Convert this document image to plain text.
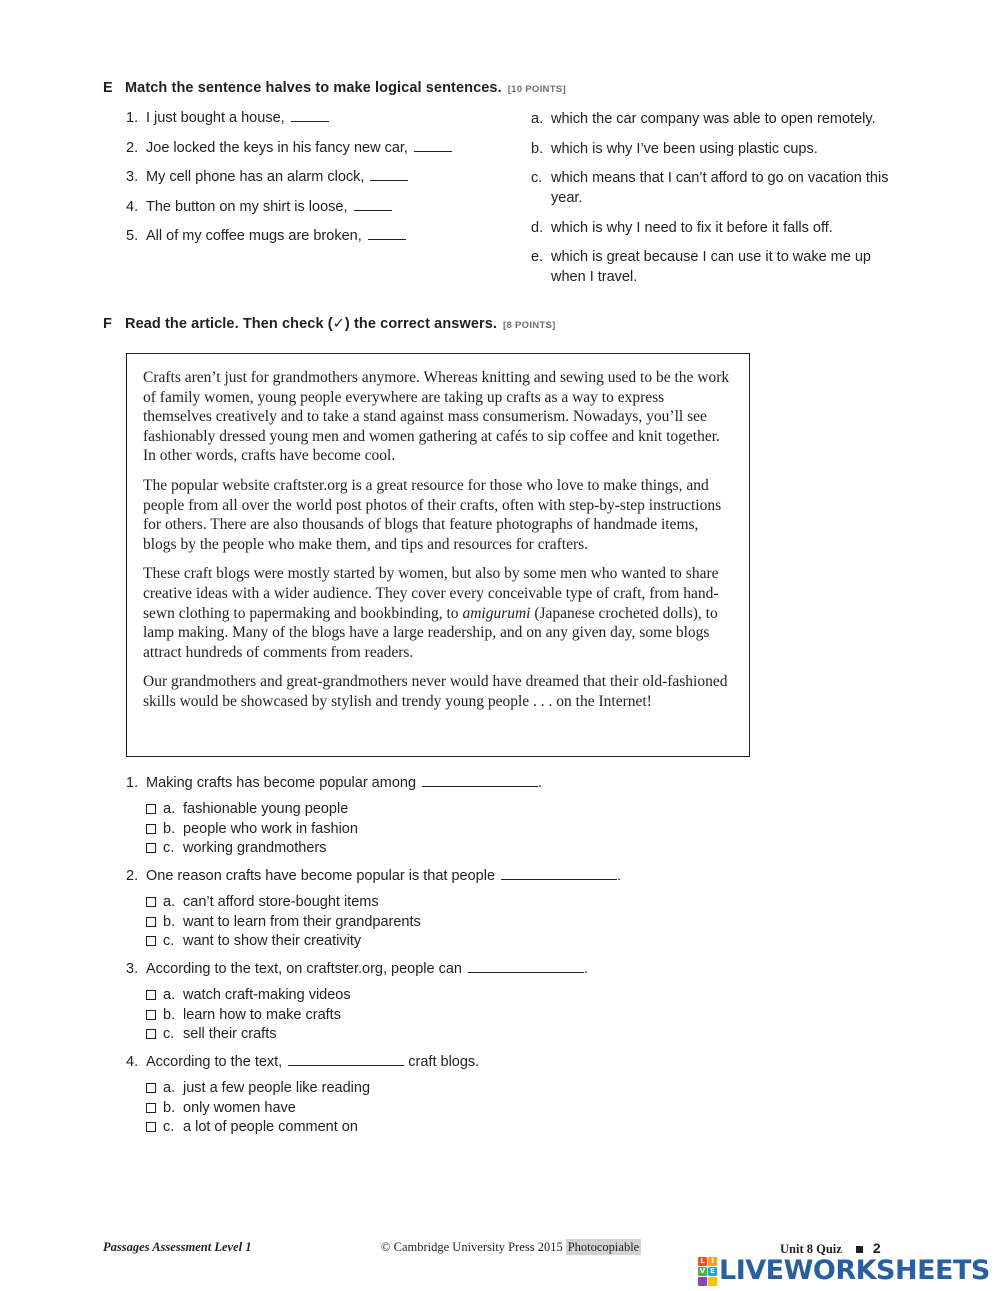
E Match the sentence halves to make logical sentences. [10 POINTS]
1. I just bought a house,
2. Joe locked the keys in his fancy new car,
3. My cell phone has an alarm clock,
4. The button on my shirt is loose,
5. All of my coffee mugs are broken,
a. which the car company was able to open remotely.
b. which is why I’ve been using plastic cups.
c. which means that I can’t afford to go on vacation this year.
d. which is why I need to fix it before it falls off.
e. which is great because I can use it to wake me up when I travel.
F Read the article. Then check (✓) the correct answers. [8 POINTS]

Crafts aren’t just for grandmothers anymore. Whereas knitting and sewing used to be the work of family women, young people everywhere are taking up crafts as a way to express themselves creatively and to take a stand against mass consumerism. Nowadays, you’ll see fashionably dressed young men and women gathering at cafés to sip coffee and knit together. In other words, crafts have become cool.

The popular website craftster.org is a great resource for those who love to make things, and people from all over the world post photos of their crafts, often with step-by-step instructions for others. There are also thousands of blogs that feature photographs of handmade items, blogs by the people who make them, and tips and resources for crafters.

These craft blogs were mostly started by women, but also by some men who wanted to share creative ideas with a wider audience. They cover every conceivable type of craft, from hand-sewn clothing to papermaking and bookbinding, to amigurumi (Japanese crocheted dolls), to lamp making. Many of the blogs have a large readership, and on any given day, some blogs attract hundreds of comments from readers.

Our grandmothers and great-grandmothers never would have dreamed that their old-fashioned skills would be showcased by stylish and trendy young people . . . on the Internet!

1. Making crafts has become popular among	.
a. fashionable young people
b. people who work in fashion
c. working grandmothers
2. One reason crafts have become popular is that people	.
a. can’t afford store-bought items
b. want to learn from their grandparents
c. want to show their creativity
3. According to the text, on craftster.org, people can	.
a. watch craft-making videos
b. learn how to make crafts
c. sell their crafts
4. According to the text,	craft blogs.
a. just a few people like reading
b. only women have
c. a lot of people comment on
Passages Assessment Level 1	© Cambridge University Press 2015 Photocopiable	Unit 8 Quiz 2
L I
V E LIVEWORKSHEETS
